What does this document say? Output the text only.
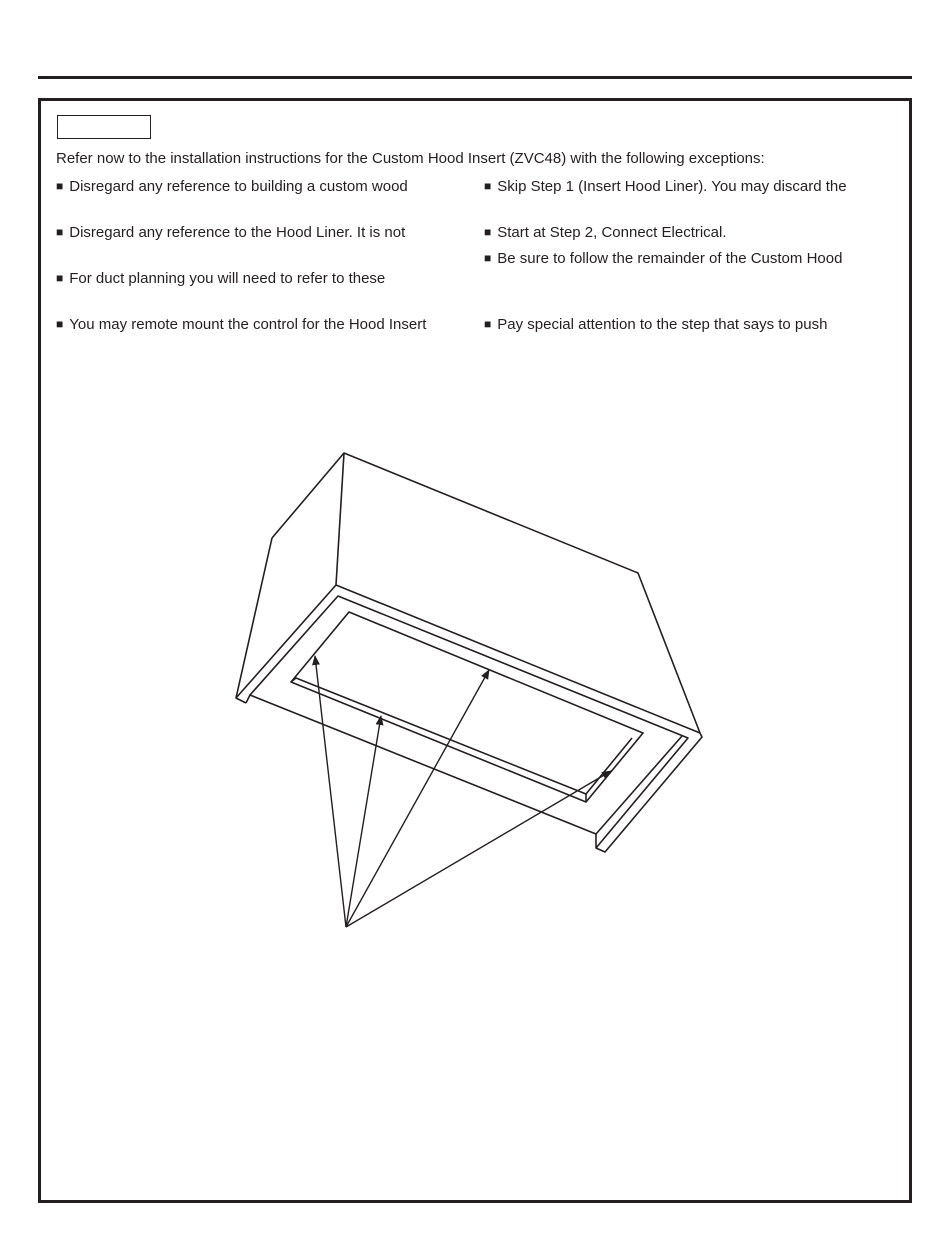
Refer now to the installation instructions for the Custom Hood Insert (ZVC48) with the following exceptions:
■ Disregard any reference to building a custom wood
■ Disregard any reference to the Hood Liner. It is not
■ For duct planning you will need to refer to these
■ You may remote mount the control for the Hood Insert
■ Skip Step 1 (Insert Hood Liner). You may discard the
■ Start at Step 2, Connect Electrical.
■ Be sure to follow the remainder of the Custom Hood
■ Pay special attention to the step that says to push
